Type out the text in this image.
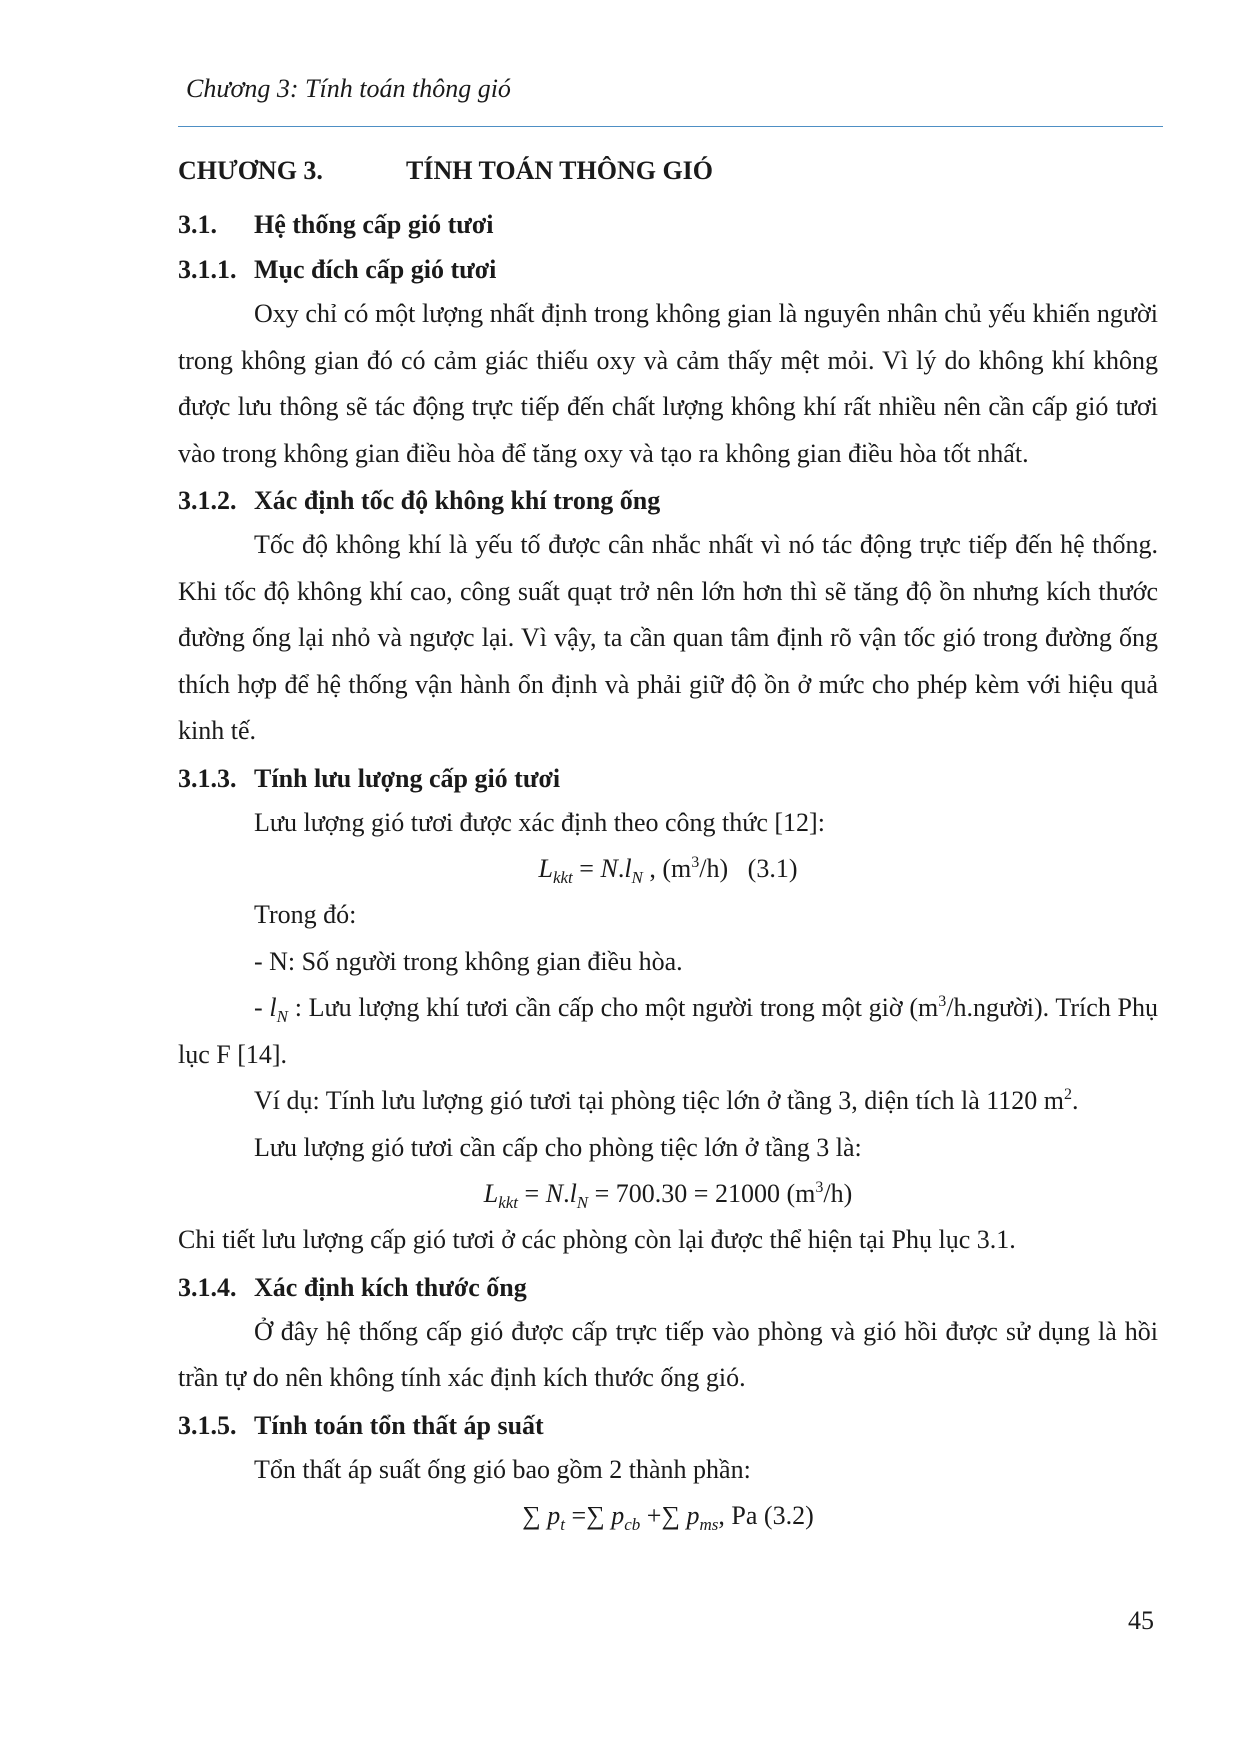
Chương 3: Tính toán thông gió
CHƯƠNG 3.	TÍNH TOÁN THÔNG GIÓ
3.1. Hệ thống cấp gió tươi
3.1.1. Mục đích cấp gió tươi

Oxy chỉ có một lượng nhất định trong không gian là nguyên nhân chủ yếu khiến người trong không gian đó có cảm giác thiếu oxy và cảm thấy mệt mỏi. Vì lý do không khí không được lưu thông sẽ tác động trực tiếp đến chất lượng không khí rất nhiều nên cần cấp gió tươi vào trong không gian điều hòa để tăng oxy và tạo ra không gian điều hòa tốt nhất.

3.1.2. Xác định tốc độ không khí trong ống

Tốc độ không khí là yếu tố được cân nhắc nhất vì nó tác động trực tiếp đến hệ thống. Khi tốc độ không khí cao, công suất quạt trở nên lớn hơn thì sẽ tăng độ ồn nhưng kích thước đường ống lại nhỏ và ngược lại. Vì vậy, ta cần quan tâm định rõ vận tốc gió trong đường ống thích hợp để hệ thống vận hành ổn định và phải giữ độ ồn ở mức cho phép kèm với hiệu quả kinh tế.

3.1.3. Tính lưu lượng cấp gió tươi

Lưu lượng gió tươi được xác định theo công thức [12]:

$L_{kkt} = N.l_N$ , $(m^3/h)$ (3.1)

Trong đó:

- N: Số người trong không gian điều hòa.

- $l_N$ : Lưu lượng khí tươi cần cấp cho một người trong một giờ $(m^3/h.người)$. Trích Phụ lục F [14].

Ví dụ: Tính lưu lượng gió tươi tại phòng tiệc lớn ở tầng 3, diện tích là 1120 $m^2$.

Lưu lượng gió tươi cần cấp cho phòng tiệc lớn ở tầng 3 là:

$L_{kkt} = N.l_N = 700.30 = 21000$ $(m^3/h)$

Chi tiết lưu lượng cấp gió tươi ở các phòng còn lại được thể hiện tại Phụ lục 3.1.

3.1.4. Xác định kích thước ống

Ở đây hệ thống cấp gió được cấp trực tiếp vào phòng và gió hồi được sử dụng là hồi trần tự do nên không tính xác định kích thước ống gió.

3.1.5. Tính toán tổn thất áp suất

Tổn thất áp suất ống gió bao gồm 2 thành phần:

∑ $p_t$ =∑ $p_{cb}$ +∑ $p_{ms}$, Pa (3.2)

45
